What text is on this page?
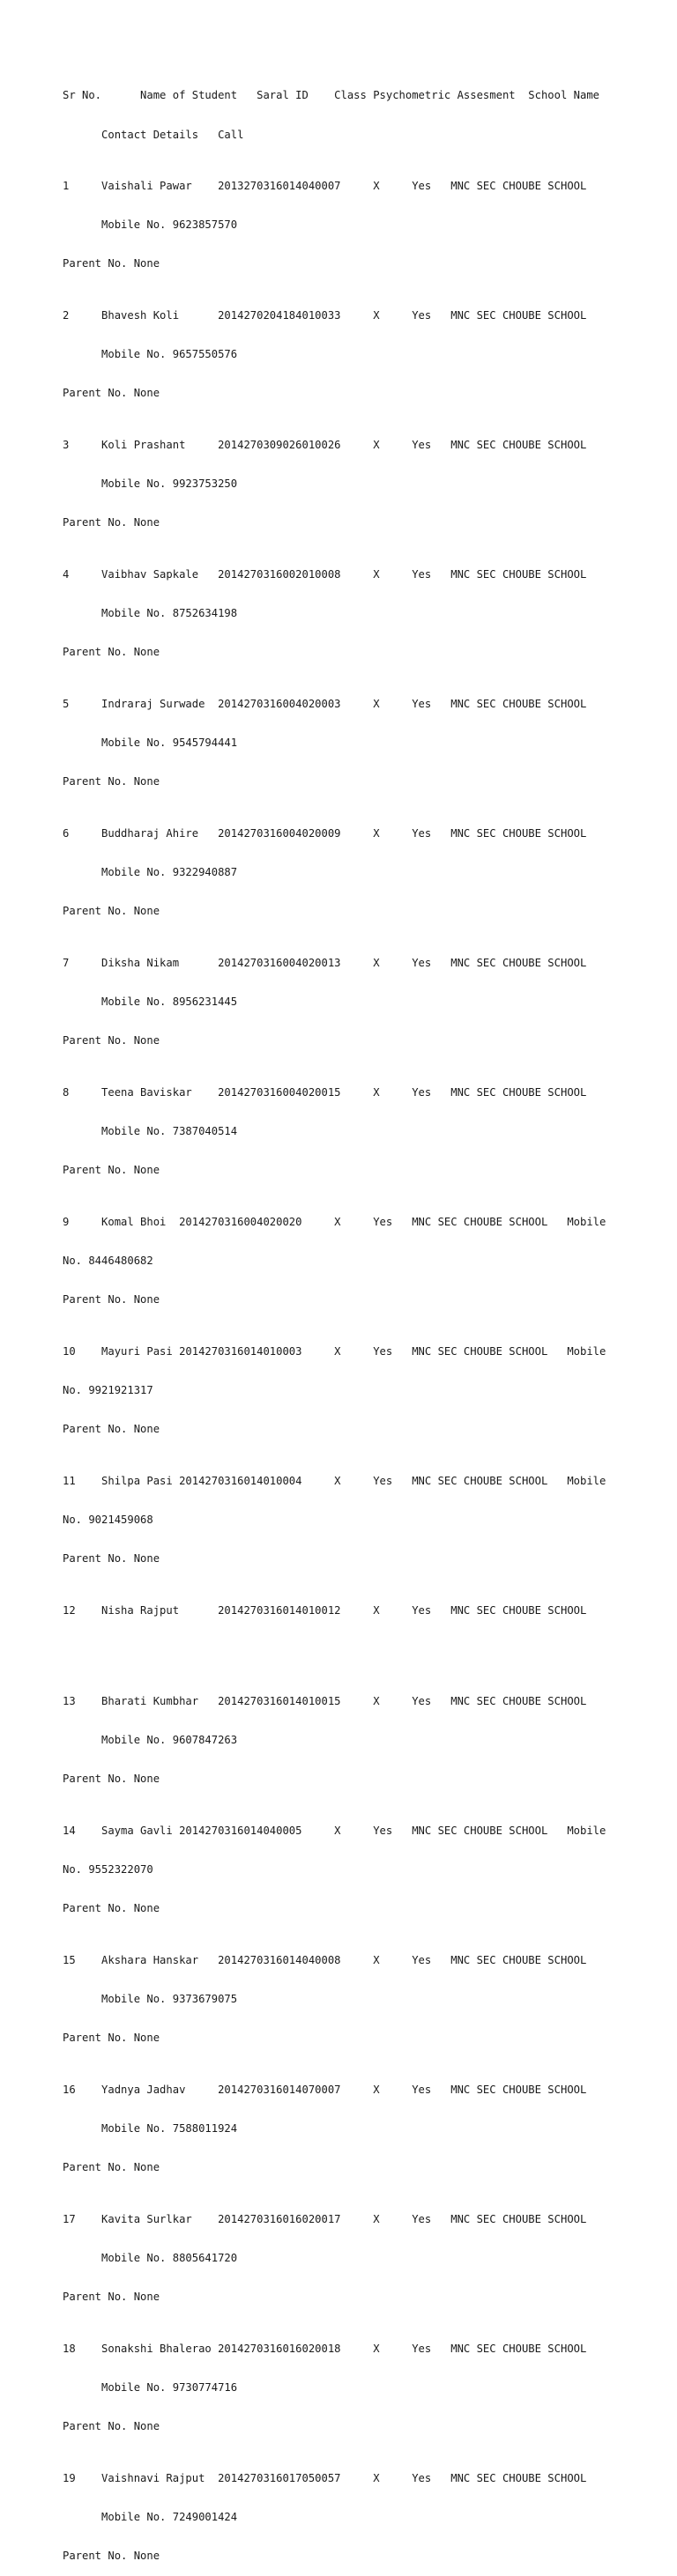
Sr No.      Name of Student   Saral ID    Class Psychometric Assesment  School Name

Contact Details   Call

1     Vaishali Pawar    2013270316014040007     X     Yes   MNC SEC CHOUBE SCHOOL

Mobile No. 9623857570

Parent No. None

2     Bhavesh Koli      2014270204184010033     X     Yes   MNC SEC CHOUBE SCHOOL

Mobile No. 9657550576

Parent No. None

3     Koli Prashant     2014270309026010026     X     Yes   MNC SEC CHOUBE SCHOOL

Mobile No. 9923753250

Parent No. None

4     Vaibhav Sapkale   2014270316002010008     X     Yes   MNC SEC CHOUBE SCHOOL

Mobile No. 8752634198

Parent No. None

5     Indraraj Surwade  2014270316004020003     X     Yes   MNC SEC CHOUBE SCHOOL

Mobile No. 9545794441

Parent No. None

6     Buddharaj Ahire   2014270316004020009     X     Yes   MNC SEC CHOUBE SCHOOL

Mobile No. 9322940887

Parent No. None

7     Diksha Nikam      2014270316004020013     X     Yes   MNC SEC CHOUBE SCHOOL

Mobile No. 8956231445

Parent No. None

8     Teena Baviskar    2014270316004020015     X     Yes   MNC SEC CHOUBE SCHOOL

Mobile No. 7387040514

Parent No. None

9     Komal Bhoi  2014270316004020020     X     Yes   MNC SEC CHOUBE SCHOOL   Mobile

No. 8446480682

Parent No. None

10    Mayuri Pasi 2014270316014010003     X     Yes   MNC SEC CHOUBE SCHOOL   Mobile

No. 9921921317

Parent No. None

11    Shilpa Pasi 2014270316014010004     X     Yes   MNC SEC CHOUBE SCHOOL   Mobile

No. 9021459068

Parent No. None

12    Nisha Rajput      2014270316014010012     X     Yes   MNC SEC CHOUBE SCHOOL

13    Bharati Kumbhar   2014270316014010015     X     Yes   MNC SEC CHOUBE SCHOOL

Mobile No. 9607847263

Parent No. None

14    Sayma Gavli 2014270316014040005     X     Yes   MNC SEC CHOUBE SCHOOL   Mobile

No. 9552322070

Parent No. None

15    Akshara Hanskar   2014270316014040008     X     Yes   MNC SEC CHOUBE SCHOOL

Mobile No. 9373679075

Parent No. None

16    Yadnya Jadhav     2014270316014070007     X     Yes   MNC SEC CHOUBE SCHOOL

Mobile No. 7588011924

Parent No. None

17    Kavita Surlkar    2014270316016020017     X     Yes   MNC SEC CHOUBE SCHOOL

Mobile No. 8805641720

Parent No. None

18    Sonakshi Bhalerao 2014270316016020018     X     Yes   MNC SEC CHOUBE SCHOOL

Mobile No. 9730774716

Parent No. None

19    Vaishnavi Rajput  2014270316017050057     X     Yes   MNC SEC CHOUBE SCHOOL

Mobile No. 7249001424

Parent No. None
